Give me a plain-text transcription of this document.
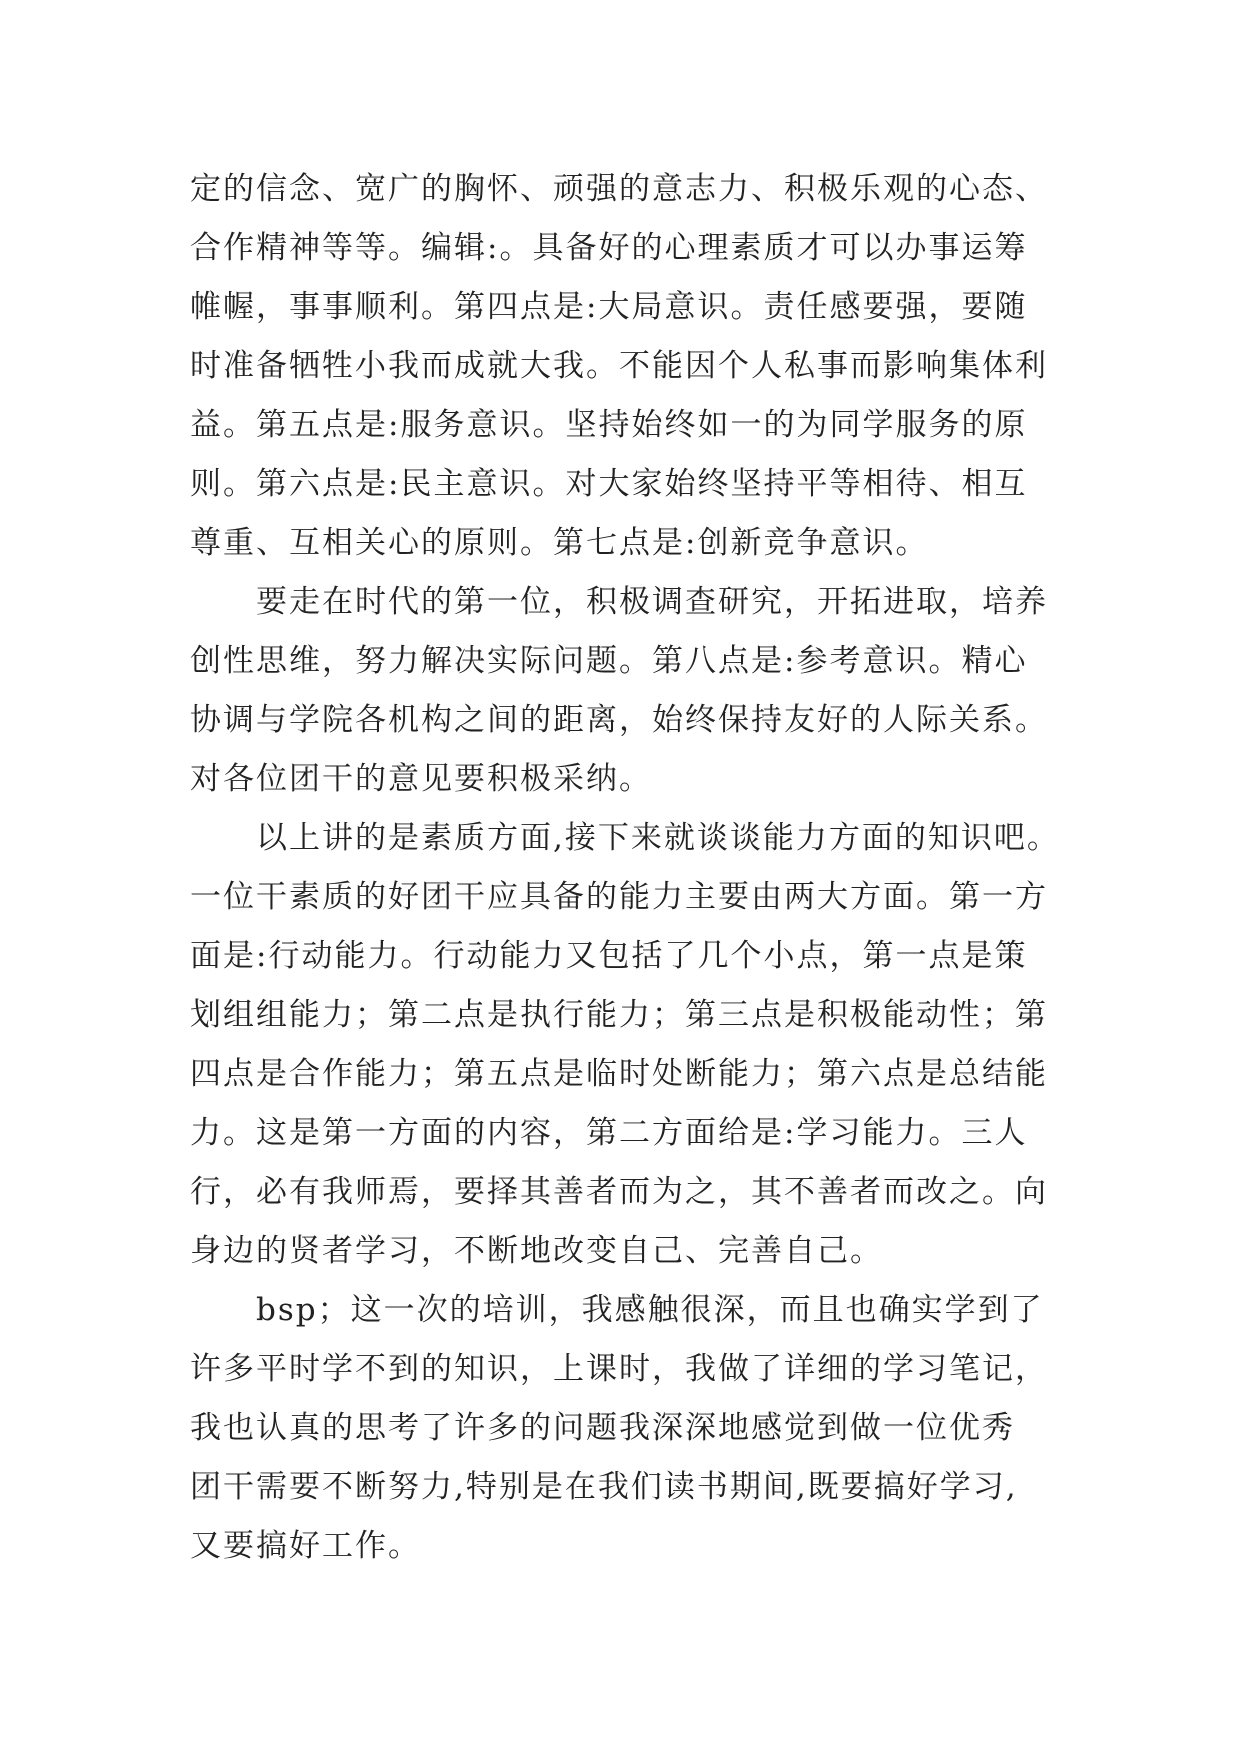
定的信念、宽广的胸怀、顽强的意志力、积极乐观的心态、
合作精神等等。编辑:。具备好的心理素质才可以办事运筹
帷幄，事事顺利。第四点是:大局意识。责任感要强，要随
时准备牺牲小我而成就大我。不能因个人私事而影响集体利
益。第五点是:服务意识。坚持始终如一的为同学服务的原
则。第六点是:民主意识。对大家始终坚持平等相待、相互
尊重、互相关心的原则。第七点是:创新竞争意识。
要走在时代的第一位，积极调查研究，开拓进取，培养
创性思维，努力解决实际问题。第八点是:参考意识。精心
协调与学院各机构之间的距离，始终保持友好的人际关系。
对各位团干的意见要积极采纳。
以上讲的是素质方面,接下来就谈谈能力方面的知识吧。
一位干素质的好团干应具备的能力主要由两大方面。第一方
面是:行动能力。行动能力又包括了几个小点，第一点是策
划组组能力；第二点是执行能力；第三点是积极能动性；第
四点是合作能力；第五点是临时处断能力；第六点是总结能
力。这是第一方面的内容，第二方面给是:学习能力。三人
行，必有我师焉，要择其善者而为之，其不善者而改之。向
身边的贤者学习，不断地改变自己、完善自己。
bsp；这一次的培训，我感触很深，而且也确实学到了
许多平时学不到的知识，上课时，我做了详细的学习笔记，
我也认真的思考了许多的问题我深深地感觉到做一位优秀
团干需要不断努力,特别是在我们读书期间,既要搞好学习,
又要搞好工作。
